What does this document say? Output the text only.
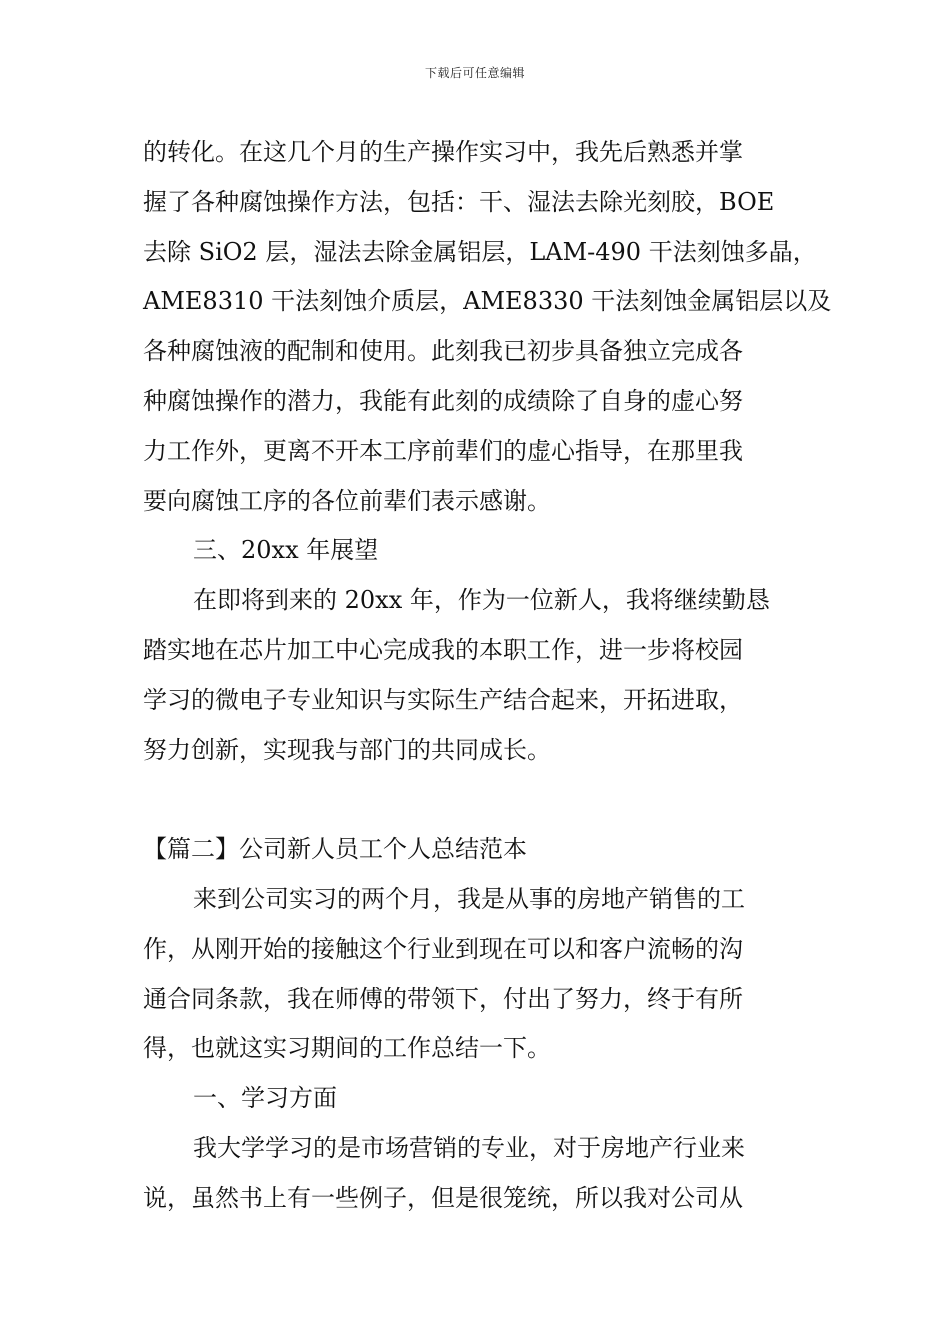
下载后可任意编辑
的转化。在这几个月的生产操作实习中，我先后熟悉并掌
握了各种腐蚀操作方法，包括：干、湿法去除光刻胶，BOE
去除 SiO2 层，湿法去除金属铝层，LAM-490 干法刻蚀多晶，
AME8310 干法刻蚀介质层，AME8330 干法刻蚀金属铝层以及
各种腐蚀液的配制和使用。此刻我已初步具备独立完成各
种腐蚀操作的潜力，我能有此刻的成绩除了自身的虚心努
力工作外，更离不开本工序前辈们的虚心指导，在那里我
要向腐蚀工序的各位前辈们表示感谢。
三、20xx 年展望
在即将到来的 20xx 年，作为一位新人，我将继续勤恳
踏实地在芯片加工中心完成我的本职工作，进一步将校园
学习的微电子专业知识与实际生产结合起来，开拓进取，
努力创新，实现我与部门的共同成长。
【篇二】公司新人员工个人总结范本
来到公司实习的两个月，我是从事的房地产销售的工
作，从刚开始的接触这个行业到现在可以和客户流畅的沟
通合同条款，我在师傅的带领下，付出了努力，终于有所
得，也就这实习期间的工作总结一下。
一、学习方面
我大学学习的是市场营销的专业，对于房地产行业来
说，虽然书上有一些例子，但是很笼统，所以我对公司从
